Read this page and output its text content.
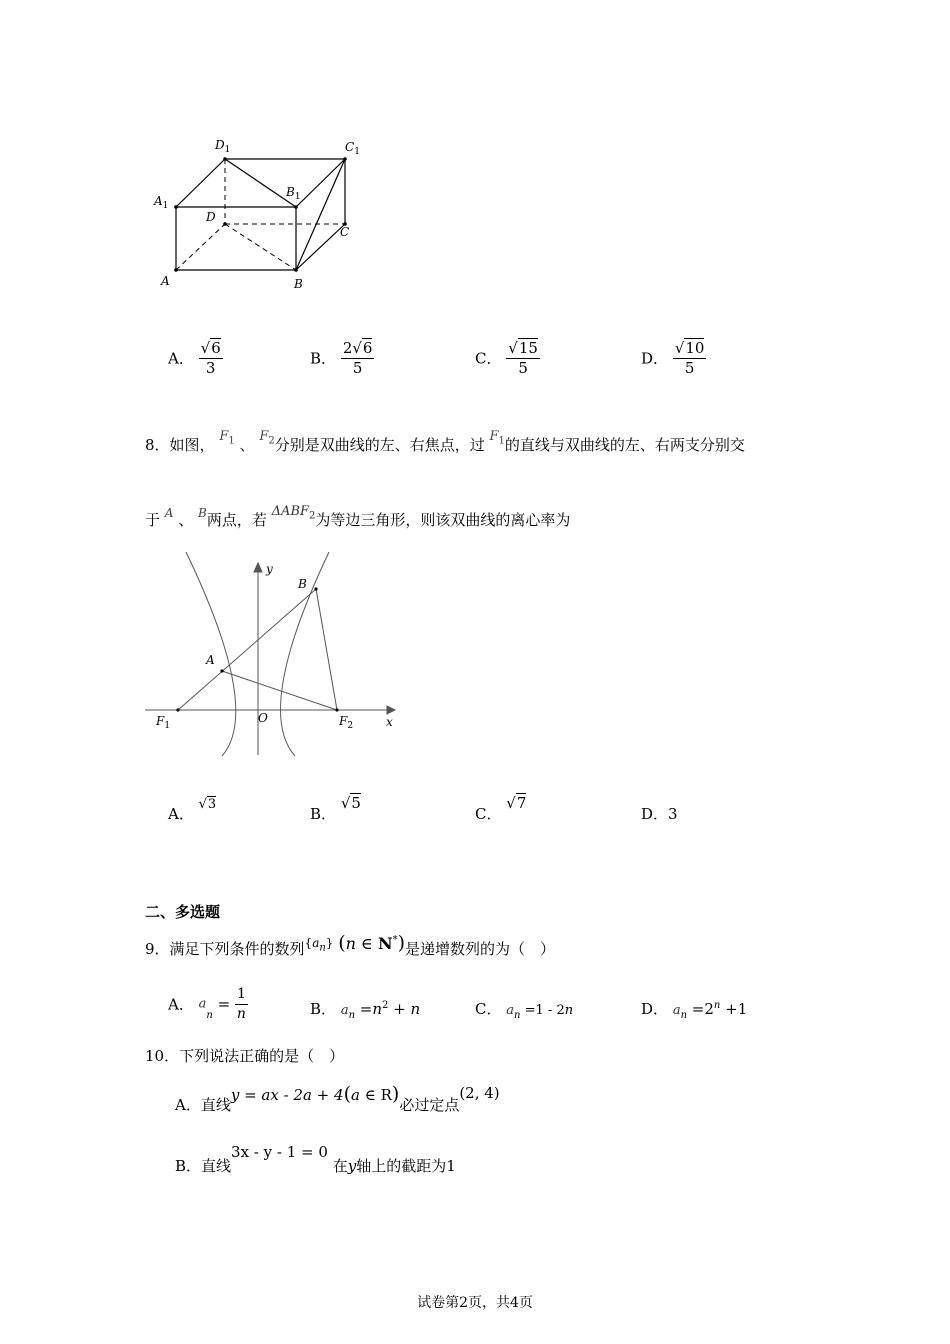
$D_1$	$C_1$
$A_1$
$B_1$
D
C
A	B
A． $\frac{√6}{3}$	B． $\frac{2√6}{5}$	C． $\frac{√15}{5}$	D． $\frac{√10}{5}$
8．如图， $F_1$ 、 $F_2$分别是双曲线的左、右焦点，过 $F_1$的直线与双曲线的左、右两支分别交
于 $^A$ 、 $^B$两点，若 $\Delta ABF_2$为等边三角形，则该双曲线的离心率为
y
x
O
A
B
$F_1$	$F_2$
A． √3
B． √5
C． √7
D．3
二、多选题
9．满足下列条件的数列$^{\{a_n\}}$ (n ∈ N*)是递增数列的为（　）
A． $a_n = \frac{1}{n}$	B． $a_n =n^2 + n$	C． $a_n =1 - 2n$	D． $a_n =2^n +1$
10．下列说法正确的是（　）
A．直线y = ax - 2a + 4(a ∈ R)必过定点(2, 4)
B．直线3x - y - 1 = 0 在y轴上的截距为1
试卷第2页，共4页
